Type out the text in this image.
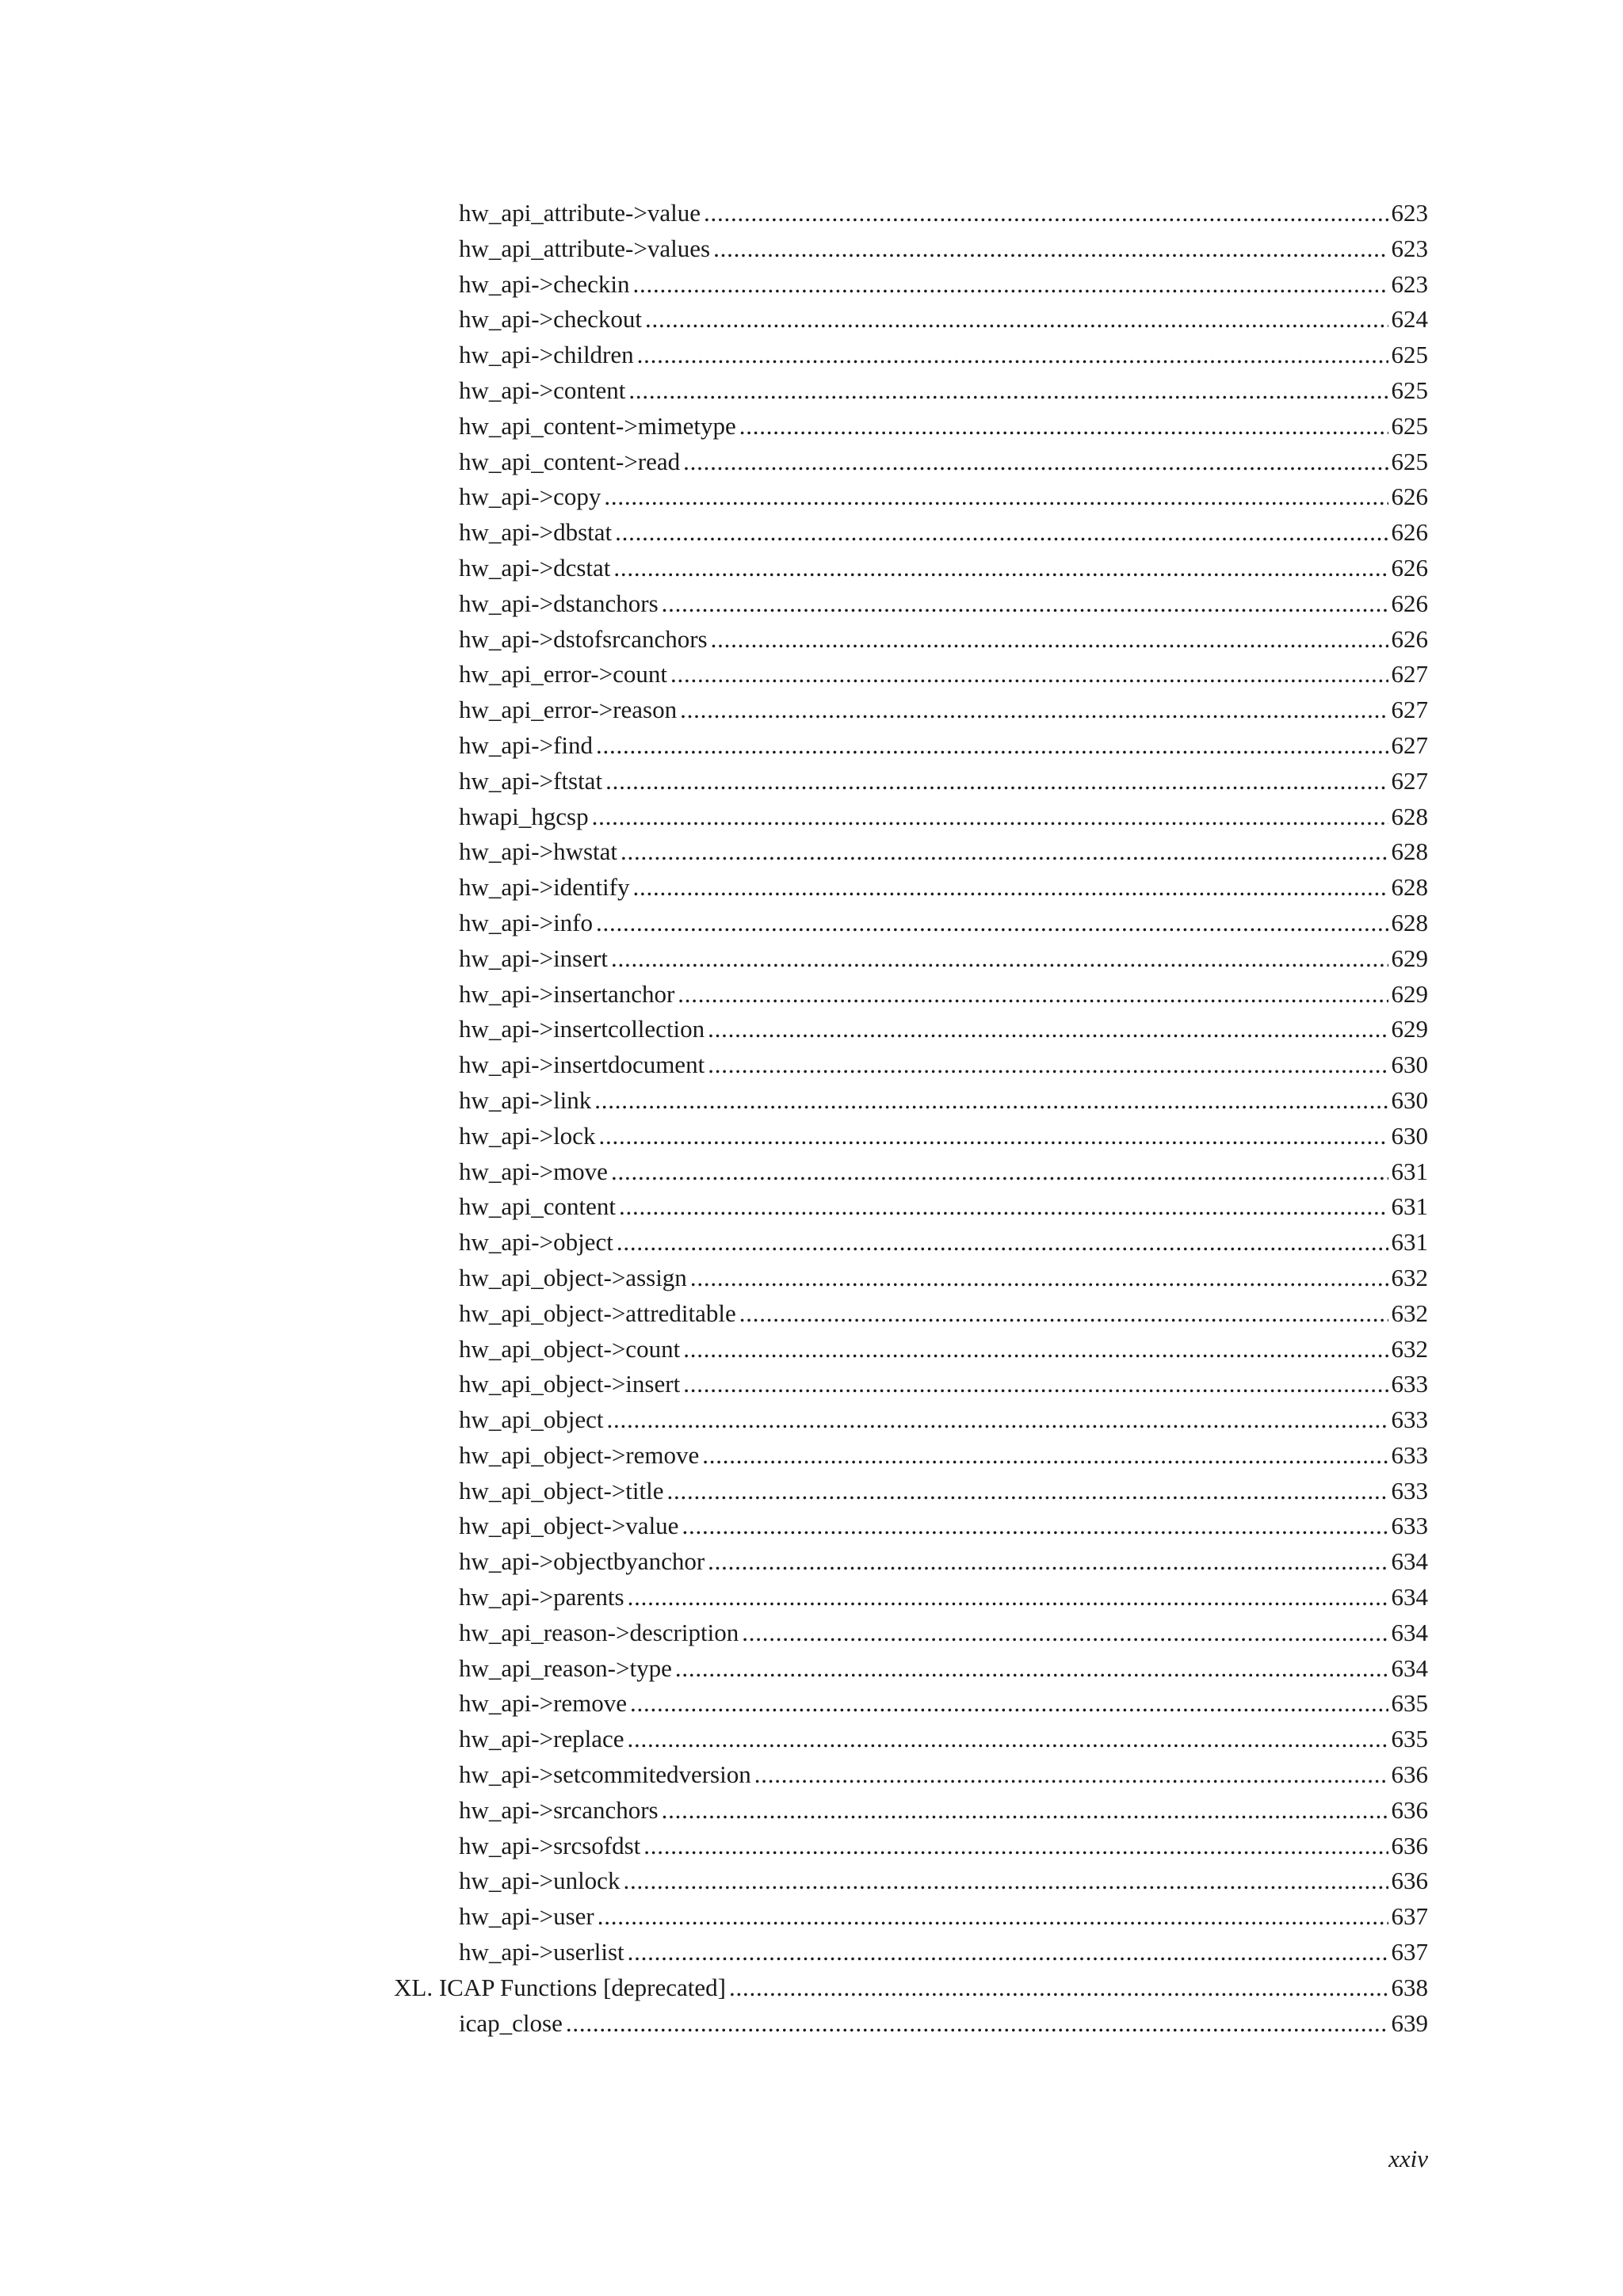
hw_api_attribute->value . . .	623
hw_api_attribute->values . . .	623
hw_api->checkin . . .	623
hw_api->checkout . . .	624
hw_api->children . . .	625
hw_api->content . . .	625
hw_api_content->mimetype . . .	625
hw_api_content->read . . .	625
hw_api->copy . . .	626
hw_api->dbstat . . .	626
hw_api->dcstat . . .	626
hw_api->dstanchors . . .	626
hw_api->dstofsrcanchors . . .	626
hw_api_error->count . . .	627
hw_api_error->reason . . .	627
hw_api->find . . .	627
hw_api->ftstat . . .	627
hwapi_hgcsp . . .	628
hw_api->hwstat . . .	628
hw_api->identify . . .	628
hw_api->info . . .	628
hw_api->insert . . .	629
hw_api->insertanchor . . .	629
hw_api->insertcollection . . .	629
hw_api->insertdocument . . .	630
hw_api->link . . .	630
hw_api->lock . . .	630
hw_api->move . . .	631
hw_api_content . . .	631
hw_api->object . . .	631
hw_api_object->assign . . .	632
hw_api_object->attreditable . . .	632
hw_api_object->count . . .	632
hw_api_object->insert . . .	633
hw_api_object . . .	633
hw_api_object->remove . . .	633
hw_api_object->title . . .	633
hw_api_object->value . . .	633
hw_api->objectbyanchor . . .	634
hw_api->parents . . .	634
hw_api_reason->description . . .	634
hw_api_reason->type . . .	634
hw_api->remove . . .	635
hw_api->replace . . .	635
hw_api->setcommitedversion . . .	636
hw_api->srcanchors . . .	636
hw_api->srcsofdst . . .	636
hw_api->unlock . . .	636
hw_api->user . . .	637
hw_api->userlist . . .	637
XL. ICAP Functions [deprecated] . . .	638
icap_close . . .	639
xxiv
